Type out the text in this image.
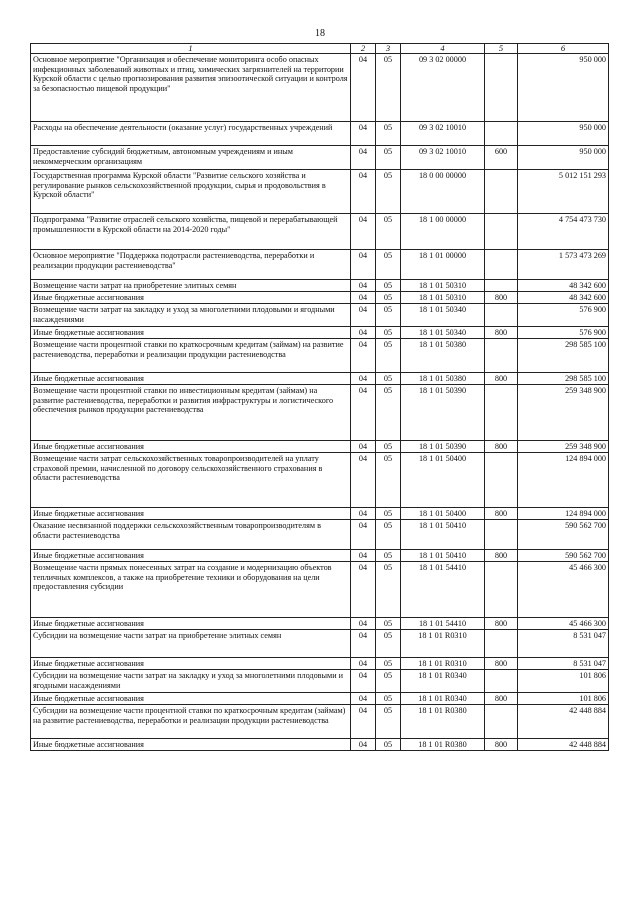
18
1	2	3	4	5	6
Основное мероприятие "Организация и обеспечение мониторинга особо опасных инфекционных заболеваний животных и птиц, химических загрязнителей на территории Курской области с целью прогнозирования развития эпизоотической ситуации и контроля за безопасностью пищевой продукции"	04	05	09 3 02 00000		950 000
Расходы на обеспечение деятельности (оказание услуг) государственных учреждений	04	05	09 3 02 10010		950 000
Предоставление субсидий бюджетным, автономным учреждениям и иным некоммерческим организациям	04	05	09 3 02 10010	600	950 000
Государственная программа Курской области "Развитие сельского хозяйства и регулирование рынков сельскохозяйственной продукции, сырья и продовольствия в Курской области"	04	05	18 0 00 00000		5 012 151 293
Подпрограмма "Развитие отраслей сельского хозяйства, пищевой и перерабатывающей промышленности в Курской области на 2014-2020 годы"	04	05	18 1 00 00000		4 754 473 730
Основное мероприятие "Поддержка подотрасли растениеводства, переработки и реализации продукции растениеводства"	04	05	18 1 01 00000		1 573 473 269
Возмещение части затрат на приобретение элитных семян	04	05	18 1 01 50310		48 342 600
Иные бюджетные ассигнования	04	05	18 1 01 50310	800	48 342 600
Возмещение части затрат на закладку и уход за многолетними плодовыми и ягодными насаждениями	04	05	18 1 01 50340		576 900
Иные бюджетные ассигнования	04	05	18 1 01 50340	800	576 900
Возмещение части процентной ставки по краткосрочным кредитам (займам) на развитие растениеводства, переработки и реализации продукции растениеводства	04	05	18 1 01 50380		298 585 100
Иные бюджетные ассигнования	04	05	18 1 01 50380	800	298 585 100
Возмещение части процентной ставки по инвестиционным кредитам (займам) на развитие растениеводства, переработки и развития инфраструктуры и логистического обеспечения рынков продукции растениеводства	04	05	18 1 01 50390		259 348 900
Иные бюджетные ассигнования	04	05	18 1 01 50390	800	259 348 900
Возмещение части затрат сельскохозяйственных товаропроизводителей на уплату страховой премии, начисленной по договору сельскохозяйственного страхования в области растениеводства	04	05	18 1 01 50400		124 894 000
Иные бюджетные ассигнования	04	05	18 1 01 50400	800	124 894 000
Оказание несвязанной поддержки сельскохозяйственным товаропроизводителям в области растениеводства	04	05	18 1 01 50410		590 562 700
Иные бюджетные ассигнования	04	05	18 1 01 50410	800	590 562 700
Возмещение части прямых понесенных затрат на создание и модернизацию объектов тепличных комплексов, а также на приобретение техники и оборудования на цели предоставления субсидии	04	05	18 1 01 54410		45 466 300
Иные бюджетные ассигнования	04	05	18 1 01 54410	800	45 466 300
Субсидии на возмещение части затрат на приобретение элитных семян	04	05	18 1 01 R0310		8 531 047
Иные бюджетные ассигнования	04	05	18 1 01 R0310	800	8 531 047
Субсидии на возмещение части затрат на закладку и уход за многолетними плодовыми и ягодными насаждениями	04	05	18 1 01 R0340		101 806
Иные бюджетные ассигнования	04	05	18 1 01 R0340	800	101 806
Субсидии на возмещение части процентной ставки по краткосрочным кредитам (займам) на развитие растениеводства, переработки и реализации продукции растениеводства	04	05	18 1 01 R0380		42 448 884
Иные бюджетные ассигнования	04	05	18 1 01 R0380	800	42 448 884
